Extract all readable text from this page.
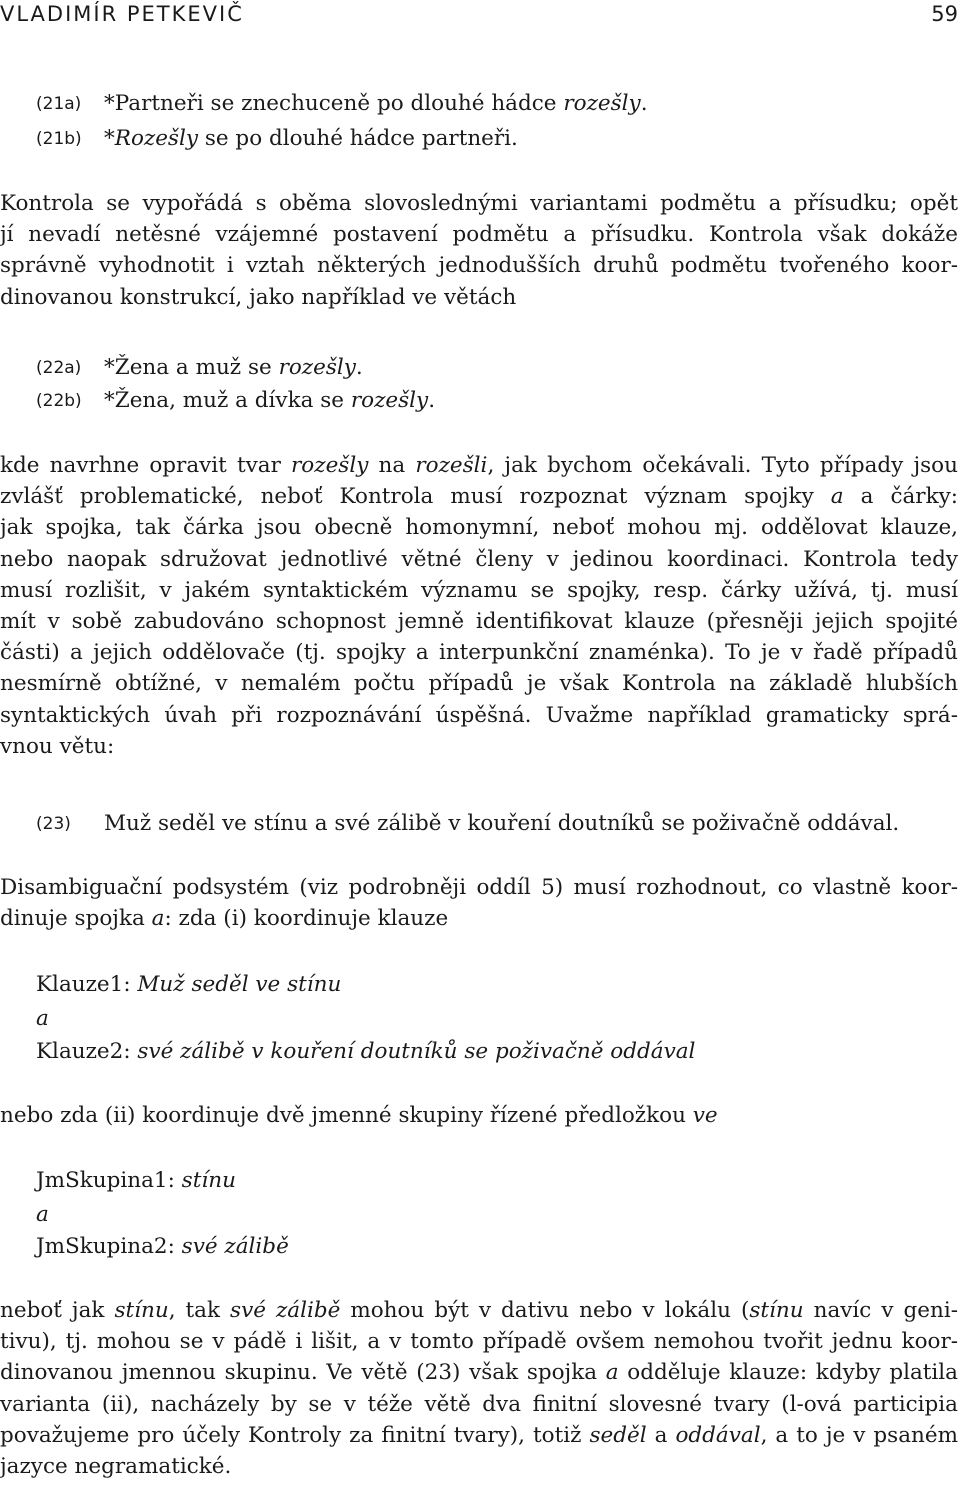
VLADIMÍR PETKEVIČ	59
(21a) *Partneři se znechuceně po dlouhé hádce rozešly.
(21b) *Rozešly se po dlouhé hádce partneři.
Kontrola se vypořádá s oběma slovoslednými variantami podmětu a přísudku; opět
jí nevadí netěsné vzájemné postavení podmětu a přísudku. Kontrola však dokáže
správně vyhodnotit i vztah některých jednodušších druhů podmětu tvořeného koor-
dinovanou konstrukcí, jako například ve větách
(22a) *Žena a muž se rozešly.
(22b) *Žena, muž a dívka se rozešly.
kde navrhne opravit tvar rozešly na rozešli, jak bychom očekávali. Tyto případy jsou
zvlášť problematické, neboť Kontrola musí rozpoznat význam spojky a a čárky:
jak spojka, tak čárka jsou obecně homonymní, neboť mohou mj. oddělovat klauze,
nebo naopak sdružovat jednotlivé větné členy v jedinou koordinaci. Kontrola tedy
musí rozlišit, v jakém syntaktickém významu se spojky, resp. čárky užívá, tj. musí
mít v sobě zabudováno schopnost jemně identifikovat klauze (přesněji jejich spojité
části) a jejich oddělovače (tj. spojky a interpunkční znaménka). To je v řadě případů
nesmírně obtížné, v nemalém počtu případů je však Kontrola na základě hlubších
syntaktických úvah při rozpoznávání úspěšná. Uvažme například gramaticky sprá-
vnou větu:
(23) Muž seděl ve stínu a své zálibě v kouření doutníků se poživačně oddával.
Disambiguační podsystém (viz podrobněji oddíl 5) musí rozhodnout, co vlastně koor-
dinuje spojka a: zda (i) koordinuje klauze
Klauze1: Muž seděl ve stínu
a
Klauze2: své zálibě v kouření doutníků se poživačně oddával
nebo zda (ii) koordinuje dvě jmenné skupiny řízené předložkou ve
JmSkupina1: stínu
a
JmSkupina2: své zálibě
neboť jak stínu, tak své zálibě mohou být v dativu nebo v lokálu (stínu navíc v geni-
tivu), tj. mohou se v pádě i lišit, a v tomto případě ovšem nemohou tvořit jednu koor-
dinovanou jmennou skupinu. Ve větě (23) však spojka a odděluje klauze: kdyby platila
varianta (ii), nacházely by se v téže větě dva finitní slovesné tvary (l-ová participia
považujeme pro účely Kontroly za finitní tvary), totiž seděl a oddával, a to je v psaném
jazyce negramatické.
